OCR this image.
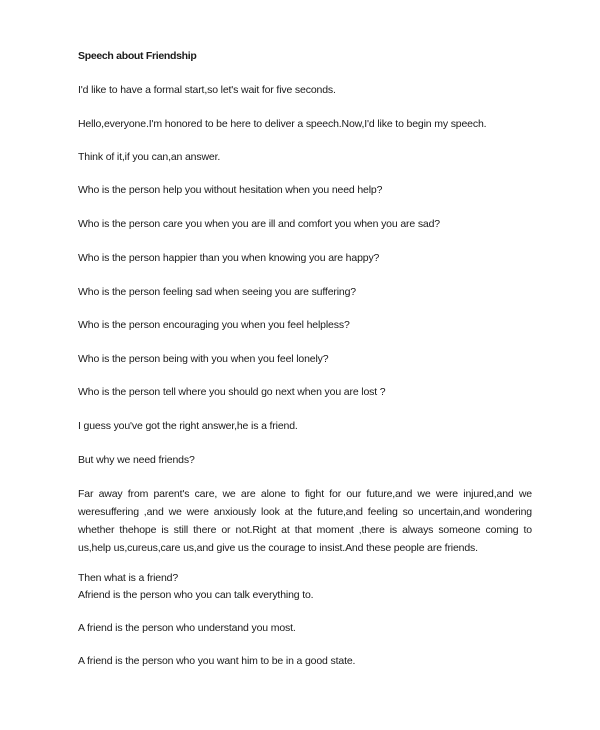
Speech about Friendship
I'd like to have a formal start,so let's wait for five seconds.
Hello,everyone.I'm honored to be here to deliver a speech.Now,I'd like to begin my speech.
Think of it,if you can,an answer.
Who is the person help you without hesitation when you need help?
Who is the person care you when you are ill and comfort you when you are sad?
Who is the person happier than you when knowing you are happy?
Who is the person feeling sad when seeing you are suffering?
Who is the person encouraging you when you feel helpless?
Who is the person being with you when you feel lonely?
Who is the person tell where you should go next when you are lost ?
I guess you've got the right answer,he is a friend.
But why we need friends?
Far away from parent's care, we are alone to fight for our future,and we were injured,and we weresuffering ,and we were anxiously look at the future,and feeling so uncertain,and wondering whether thehope is still there or not.Right at that moment ,there is always someone coming to us,help us,cureus,care us,and give us the courage to insist.And these people are friends.
Then what is a friend?
Afriend is the person who you can talk everything to.
A friend is the person who understand you most.
A friend is the person who you want him to be in a good state.
